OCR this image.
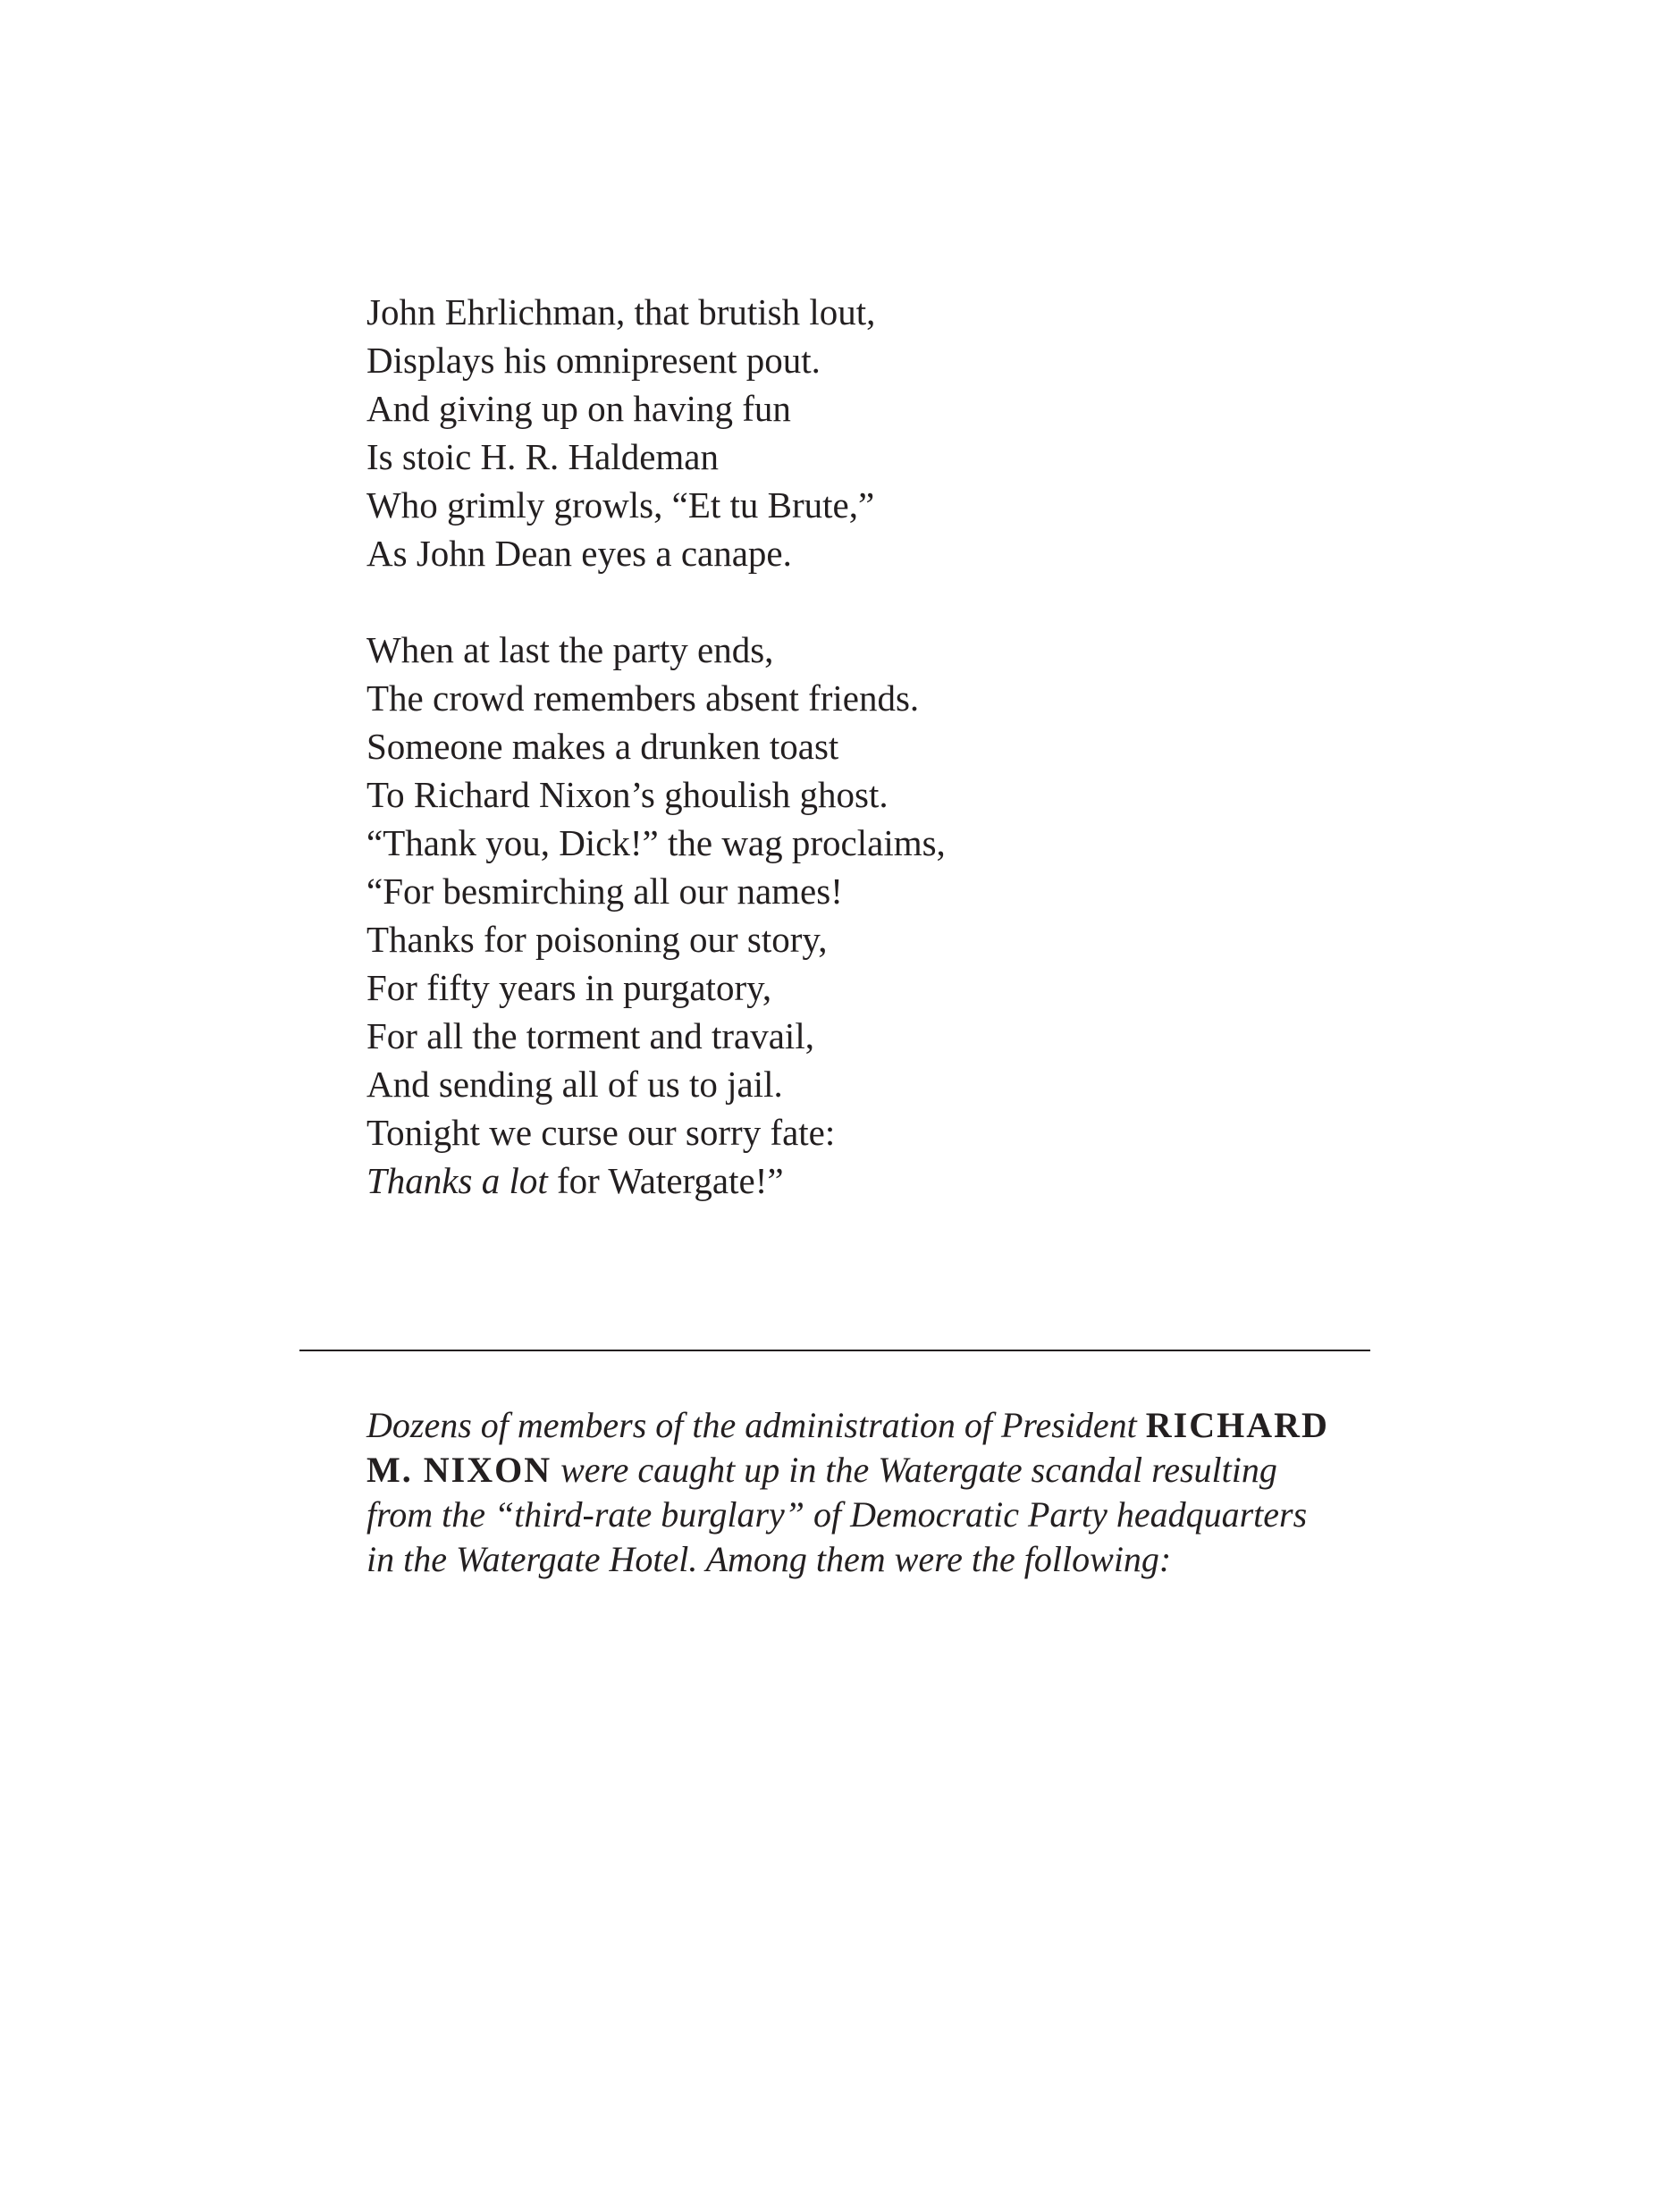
John Ehrlichman, that brutish lout,
Displays his omnipresent pout.
And giving up on having fun
Is stoic H. R. Haldeman
Who grimly growls, “Et tu Brute,”
As John Dean eyes a canape.

When at last the party ends,
The crowd remembers absent friends.
Someone makes a drunken toast
To Richard Nixon’s ghoulish ghost.
“Thank you, Dick!” the wag proclaims,
“For besmirching all our names!
Thanks for poisoning our story,
For fifty years in purgatory,
For all the torment and travail,
And sending all of us to jail.
Tonight we curse our sorry fate:
Thanks a lot for Watergate!”

Dozens of members of the administration of President RICHARD M. NIXON were caught up in the Watergate scandal resulting from the “third-rate burglary” of Democratic Party headquarters in the Watergate Hotel. Among them were the following:
